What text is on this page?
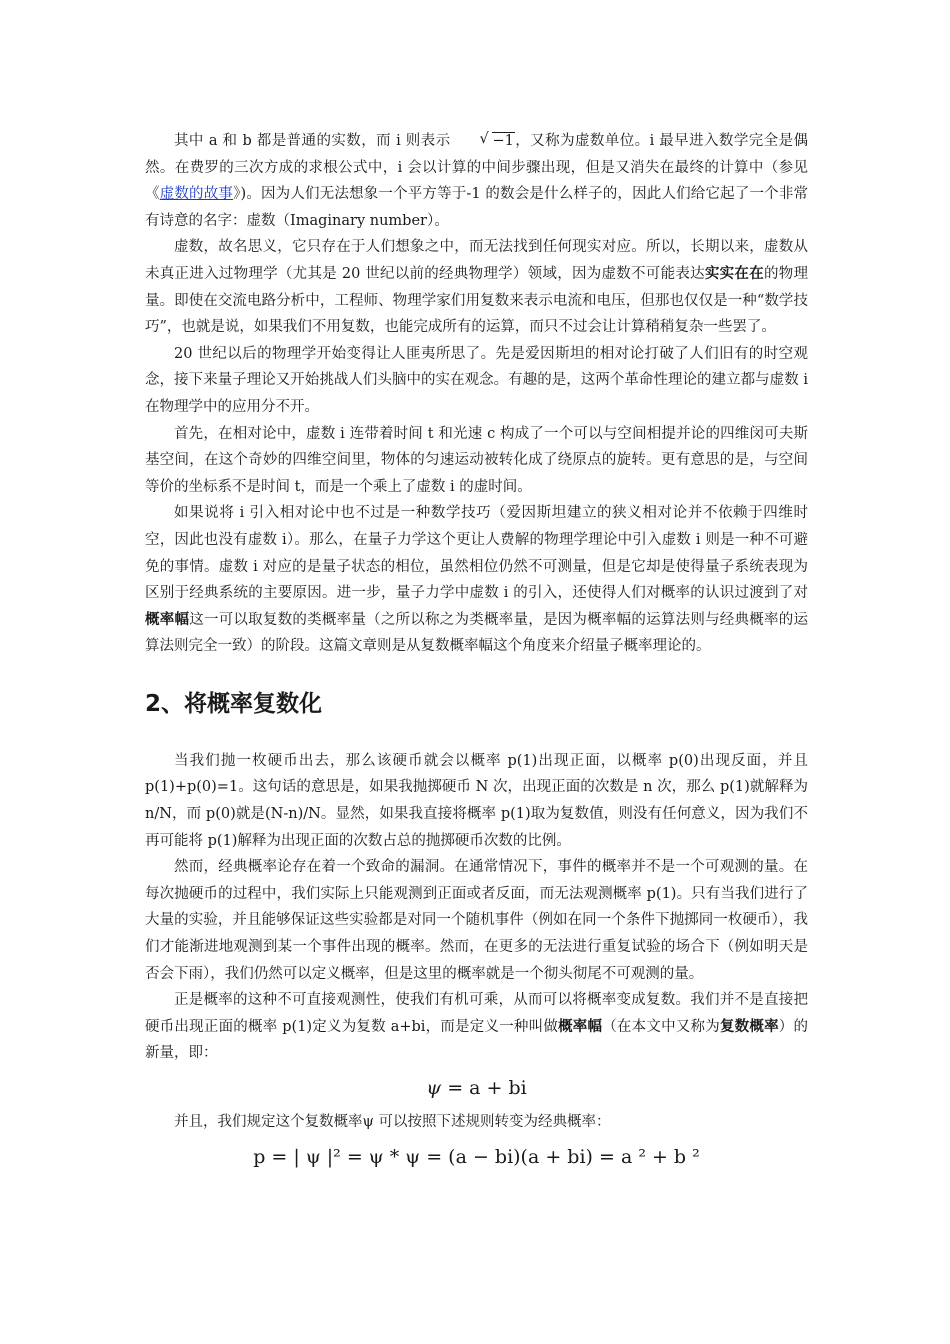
其中 a 和 b 都是普通的实数，而 i 则表示	√ −1，又称为虚数单位。i 最早进入数学完全是偶然。在费罗的三次方成的求根公式中，i 会以计算的中间步骤出现，但是又消失在最终的计算中（参见《虚数的故事》)。因为人们无法想象一个平方等于-1 的数会是什么样子的，因此人们给它起了一个非常有诗意的名字：虚数（Imaginary number）。

虚数，故名思义，它只存在于人们想象之中，而无法找到任何现实对应。所以，长期以来，虚数从未真正进入过物理学（尤其是 20 世纪以前的经典物理学）领域，因为虚数不可能表达实实在在的物理量。即使在交流电路分析中，工程师、物理学家们用复数来表示电流和电压，但那也仅仅是一种“数学技巧”，也就是说，如果我们不用复数，也能完成所有的运算，而只不过会让计算稍稍复杂一些罢了。

20 世纪以后的物理学开始变得让人匪夷所思了。先是爱因斯坦的相对论打破了人们旧有的时空观念，接下来量子理论又开始挑战人们头脑中的实在观念。有趣的是，这两个革命性理论的建立都与虚数 i 在物理学中的应用分不开。

首先，在相对论中，虚数 i 连带着时间 t 和光速 c 构成了一个可以与空间相提并论的四维闵可夫斯基空间，在这个奇妙的四维空间里，物体的匀速运动被转化成了绕原点的旋转。更有意思的是，与空间等价的坐标系不是时间 t，而是一个乘上了虚数 i 的虚时间。

如果说将 i 引入相对论中也不过是一种数学技巧（爱因斯坦建立的狭义相对论并不依赖于四维时空，因此也没有虚数 i）。那么，在量子力学这个更让人费解的物理学理论中引入虚数 i 则是一种不可避免的事情。虚数 i 对应的是量子状态的相位，虽然相位仍然不可测量，但是它却是使得量子系统表现为区别于经典系统的主要原因。进一步，量子力学中虚数 i 的引入，还使得人们对概率的认识过渡到了对概率幅这一可以取复数的类概率量（之所以称之为类概率量，是因为概率幅的运算法则与经典概率的运算法则完全一致）的阶段。这篇文章则是从复数概率幅这个角度来介绍量子概率理论的。

2、将概率复数化

当我们抛一枚硬币出去，那么该硬币就会以概率 p(1)出现正面，以概率 p(0)出现反面，并且 p(1)+p(0)=1。这句话的意思是，如果我抛掷硬币 N 次，出现正面的次数是 n 次，那么 p(1)就解释为 n/N，而 p(0)就是(N-n)/N。显然，如果我直接将概率 p(1)取为复数值，则没有任何意义，因为我们不再可能将 p(1)解释为出现正面的次数占总的抛掷硬币次数的比例。

然而，经典概率论存在着一个致命的漏洞。在通常情况下，事件的概率并不是一个可观测的量。在每次抛硬币的过程中，我们实际上只能观测到正面或者反面，而无法观测概率 p(1)。只有当我们进行了大量的实验，并且能够保证这些实验都是对同一个随机事件（例如在同一个条件下抛掷同一枚硬币），我们才能渐进地观测到某一个事件出现的概率。然而，在更多的无法进行重复试验的场合下（例如明天是否会下雨），我们仍然可以定义概率，但是这里的概率就是一个彻头彻尾不可观测的量。

正是概率的这种不可直接观测性，使我们有机可乘，从而可以将概率变成复数。我们并不是直接把硬币出现正面的概率 p(1)定义为复数 a+bi，而是定义一种叫做概率幅（在本文中又称为复数概率）的新量，即：

ψ = a + bi

并且，我们规定这个复数概率ψ 可以按照下述规则转变为经典概率：

p = | ψ |² = ψ * ψ = (a − bi)(a + bi) = a ² + b ²
